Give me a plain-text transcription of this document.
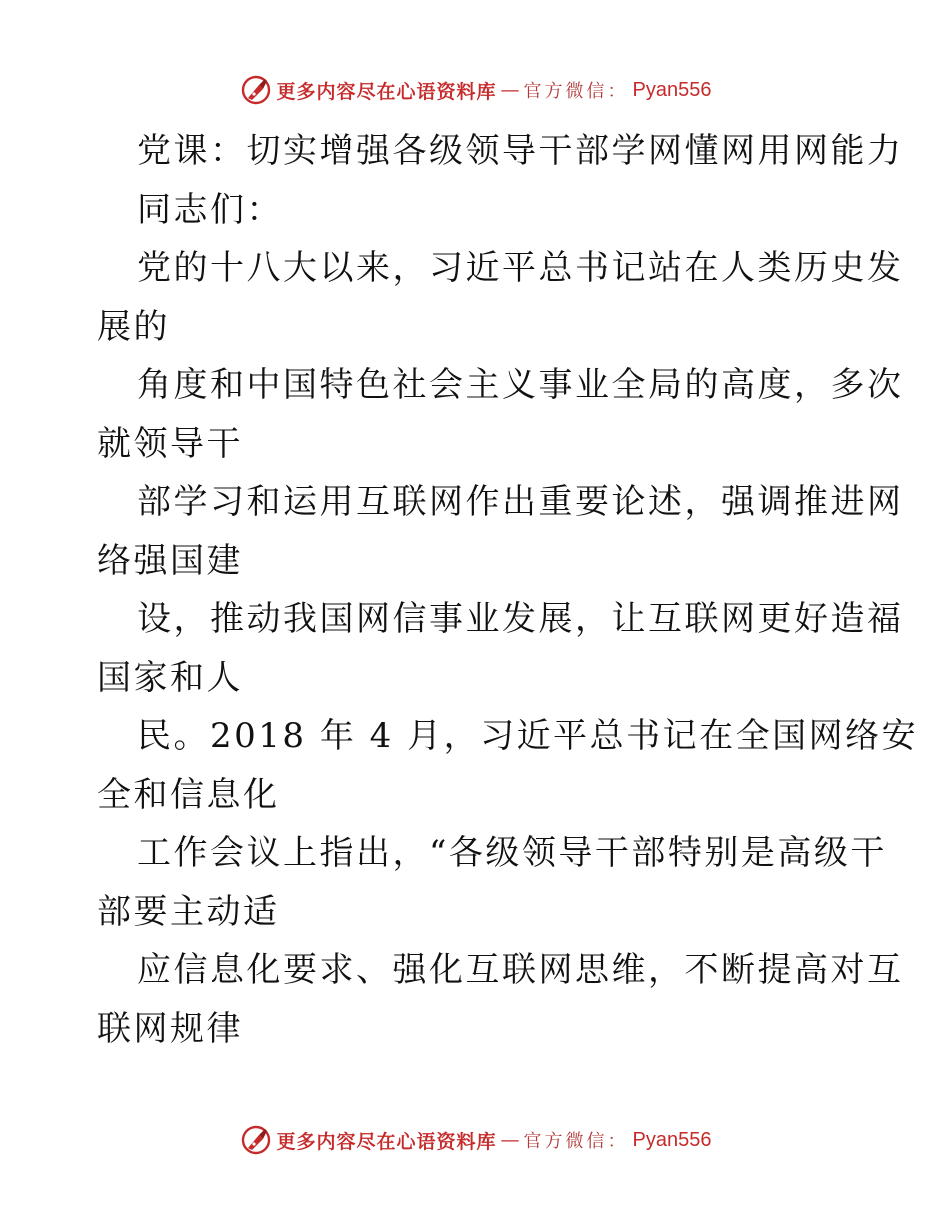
更多内容尽在心语资料库 — 官方微信： Pyan556
党课：切实增强各级领导干部学网懂网用网能力
同志们：
党的十八大以来，习近平总书记站在人类历史发
展的
角度和中国特色社会主义事业全局的高度，多次
就领导干
部学习和运用互联网作出重要论述，强调推进网
络强国建
设，推动我国网信事业发展，让互联网更好造福
国家和人
民。2018 年 4 月，习近平总书记在全国网络安
全和信息化
工作会议上指出，“各级领导干部特别是高级干
部要主动适
应信息化要求、强化互联网思维，不断提高对互
联网规律
更多内容尽在心语资料库 — 官方微信： Pyan556
